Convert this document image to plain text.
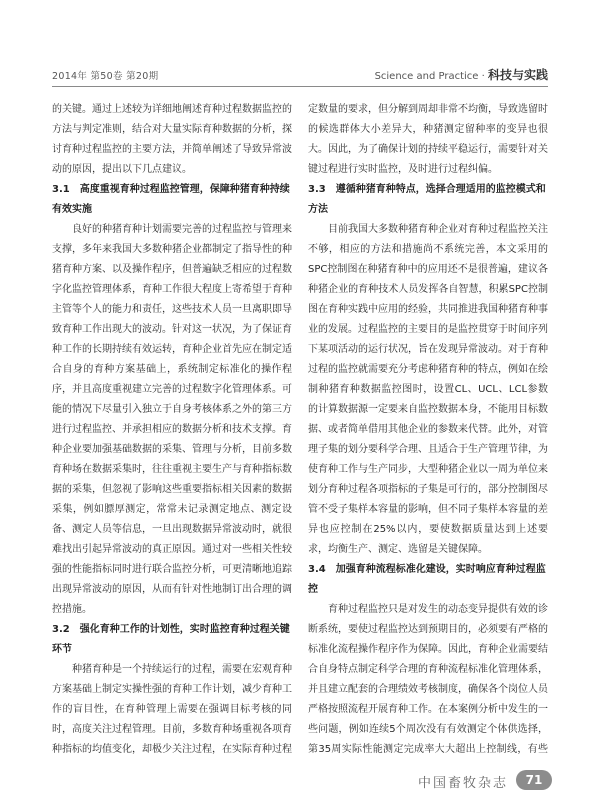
2014年 第50卷 第20期	Science and Practice · 科技与实践

的关键。通过上述较为详细地阐述育种过程数据监控的方法与判定准则，结合对大量实际育种数据的分析，探讨育种过程监控的主要方法，并简单阐述了导致异常波动的原因，提出以下几点建议。

3.1　高度重视育种过程监控管理，保障种猪育种持续有效实施

良好的种猪育种计划需要完善的过程监控与管理来支撑，多年来我国大多数种猪企业都制定了指导性的种猪育种方案、以及操作程序，但普遍缺乏相应的过程数字化监控管理体系，育种工作很大程度上寄希望于育种主管等个人的能力和责任，这些技术人员一旦离职即导致育种工作出现大的波动。针对这一状况，为了保证育种工作的长期持续有效运转，育种企业首先应在制定适合自身的育种方案基础上，系统制定标准化的操作程序，并且高度重视建立完善的过程数字化管理体系。可能的情况下尽量引入独立于自身考核体系之外的第三方进行过程监控、并承担相应的数据分析和技术支撑。育种企业要加强基础数据的采集、管理与分析，目前多数育种场在数据采集时，往往重视主要生产与育种指标数据的采集，但忽视了影响这些重要指标相关因素的数据采集，例如膘厚测定，常常未记录测定地点、测定设备、测定人员等信息，一旦出现数据异常波动时，就很难找出引起异常波动的真正原因。通过对一些相关性较强的性能指标同时进行联合监控分析，可更清晰地追踪出现异常波动的原因，从而有针对性地制订出合理的调控措施。

3.2　强化育种工作的计划性，实时监控育种过程关键环节

种猪育种是一个持续运行的过程，需要在宏观育种方案基础上制定实操性强的育种工作计划，减少育种工作的盲目性，在育种管理上需要在强调目标考核的同时，高度关注过程管理。目前，多数育种场重视各项育种指标的均值变化，却极少关注过程，在实际育种过程

定数量的要求，但分解到周却非常不均衡，导致选留时的候选群体大小差异大，种猪测定留种率的变异也很大。因此，为了确保计划的持续平稳运行，需要针对关键过程进行实时监控，及时进行过程纠偏。

3.3　遵循种猪育种特点，选择合理适用的监控模式和方法

目前我国大多数种猪育种企业对育种过程监控关注不够，相应的方法和措施尚不系统完善，本文采用的SPC控制图在种猪育种中的应用还不是很普遍，建议各种猪企业的育种技术人员发挥各自智慧，积累SPC控制图在育种实践中应用的经验，共同推进我国种猪育种事业的发展。过程监控的主要目的是监控贯穿于时间序列下某项活动的运行状况，旨在发现异常波动。对于育种过程的监控就需要充分考虑种猪育种的特点，例如在绘制种猪育种数据监控图时，设置CL、UCL、LCL参数的计算数据源一定要来自监控数据本身，不能用目标数据、或者简单借用其他企业的参数来代替。此外，对管理子集的划分要科学合理、且适合于生产管理节律，为使育种工作与生产同步，大型种猪企业以一周为单位来划分育种过程各项指标的子集是可行的，部分控制图尽管不受子集样本容量的影响，但不同子集样本容量的差异也应控制在25%以内，要使数据质量达到上述要求，均衡生产、测定、选留是关键保障。

3.4　加强育种流程标准化建设，实时响应育种过程监控

育种过程监控只是对发生的动态变异提供有效的诊断系统，要使过程监控达到预期目的，必须要有严格的标准化流程操作程序作为保障。因此，育种企业需要结合自身特点制定科学合理的育种流程标准化管理体系，并且建立配套的合理绩效考核制度，确保各个岗位人员严格按照流程开展育种工作。在本案例分析中发生的一些问题，例如连续5个周次没有有效测定个体供选择，第35周实际性能测定完成率大大超出上控制线，有些

中国畜牧杂志	71
